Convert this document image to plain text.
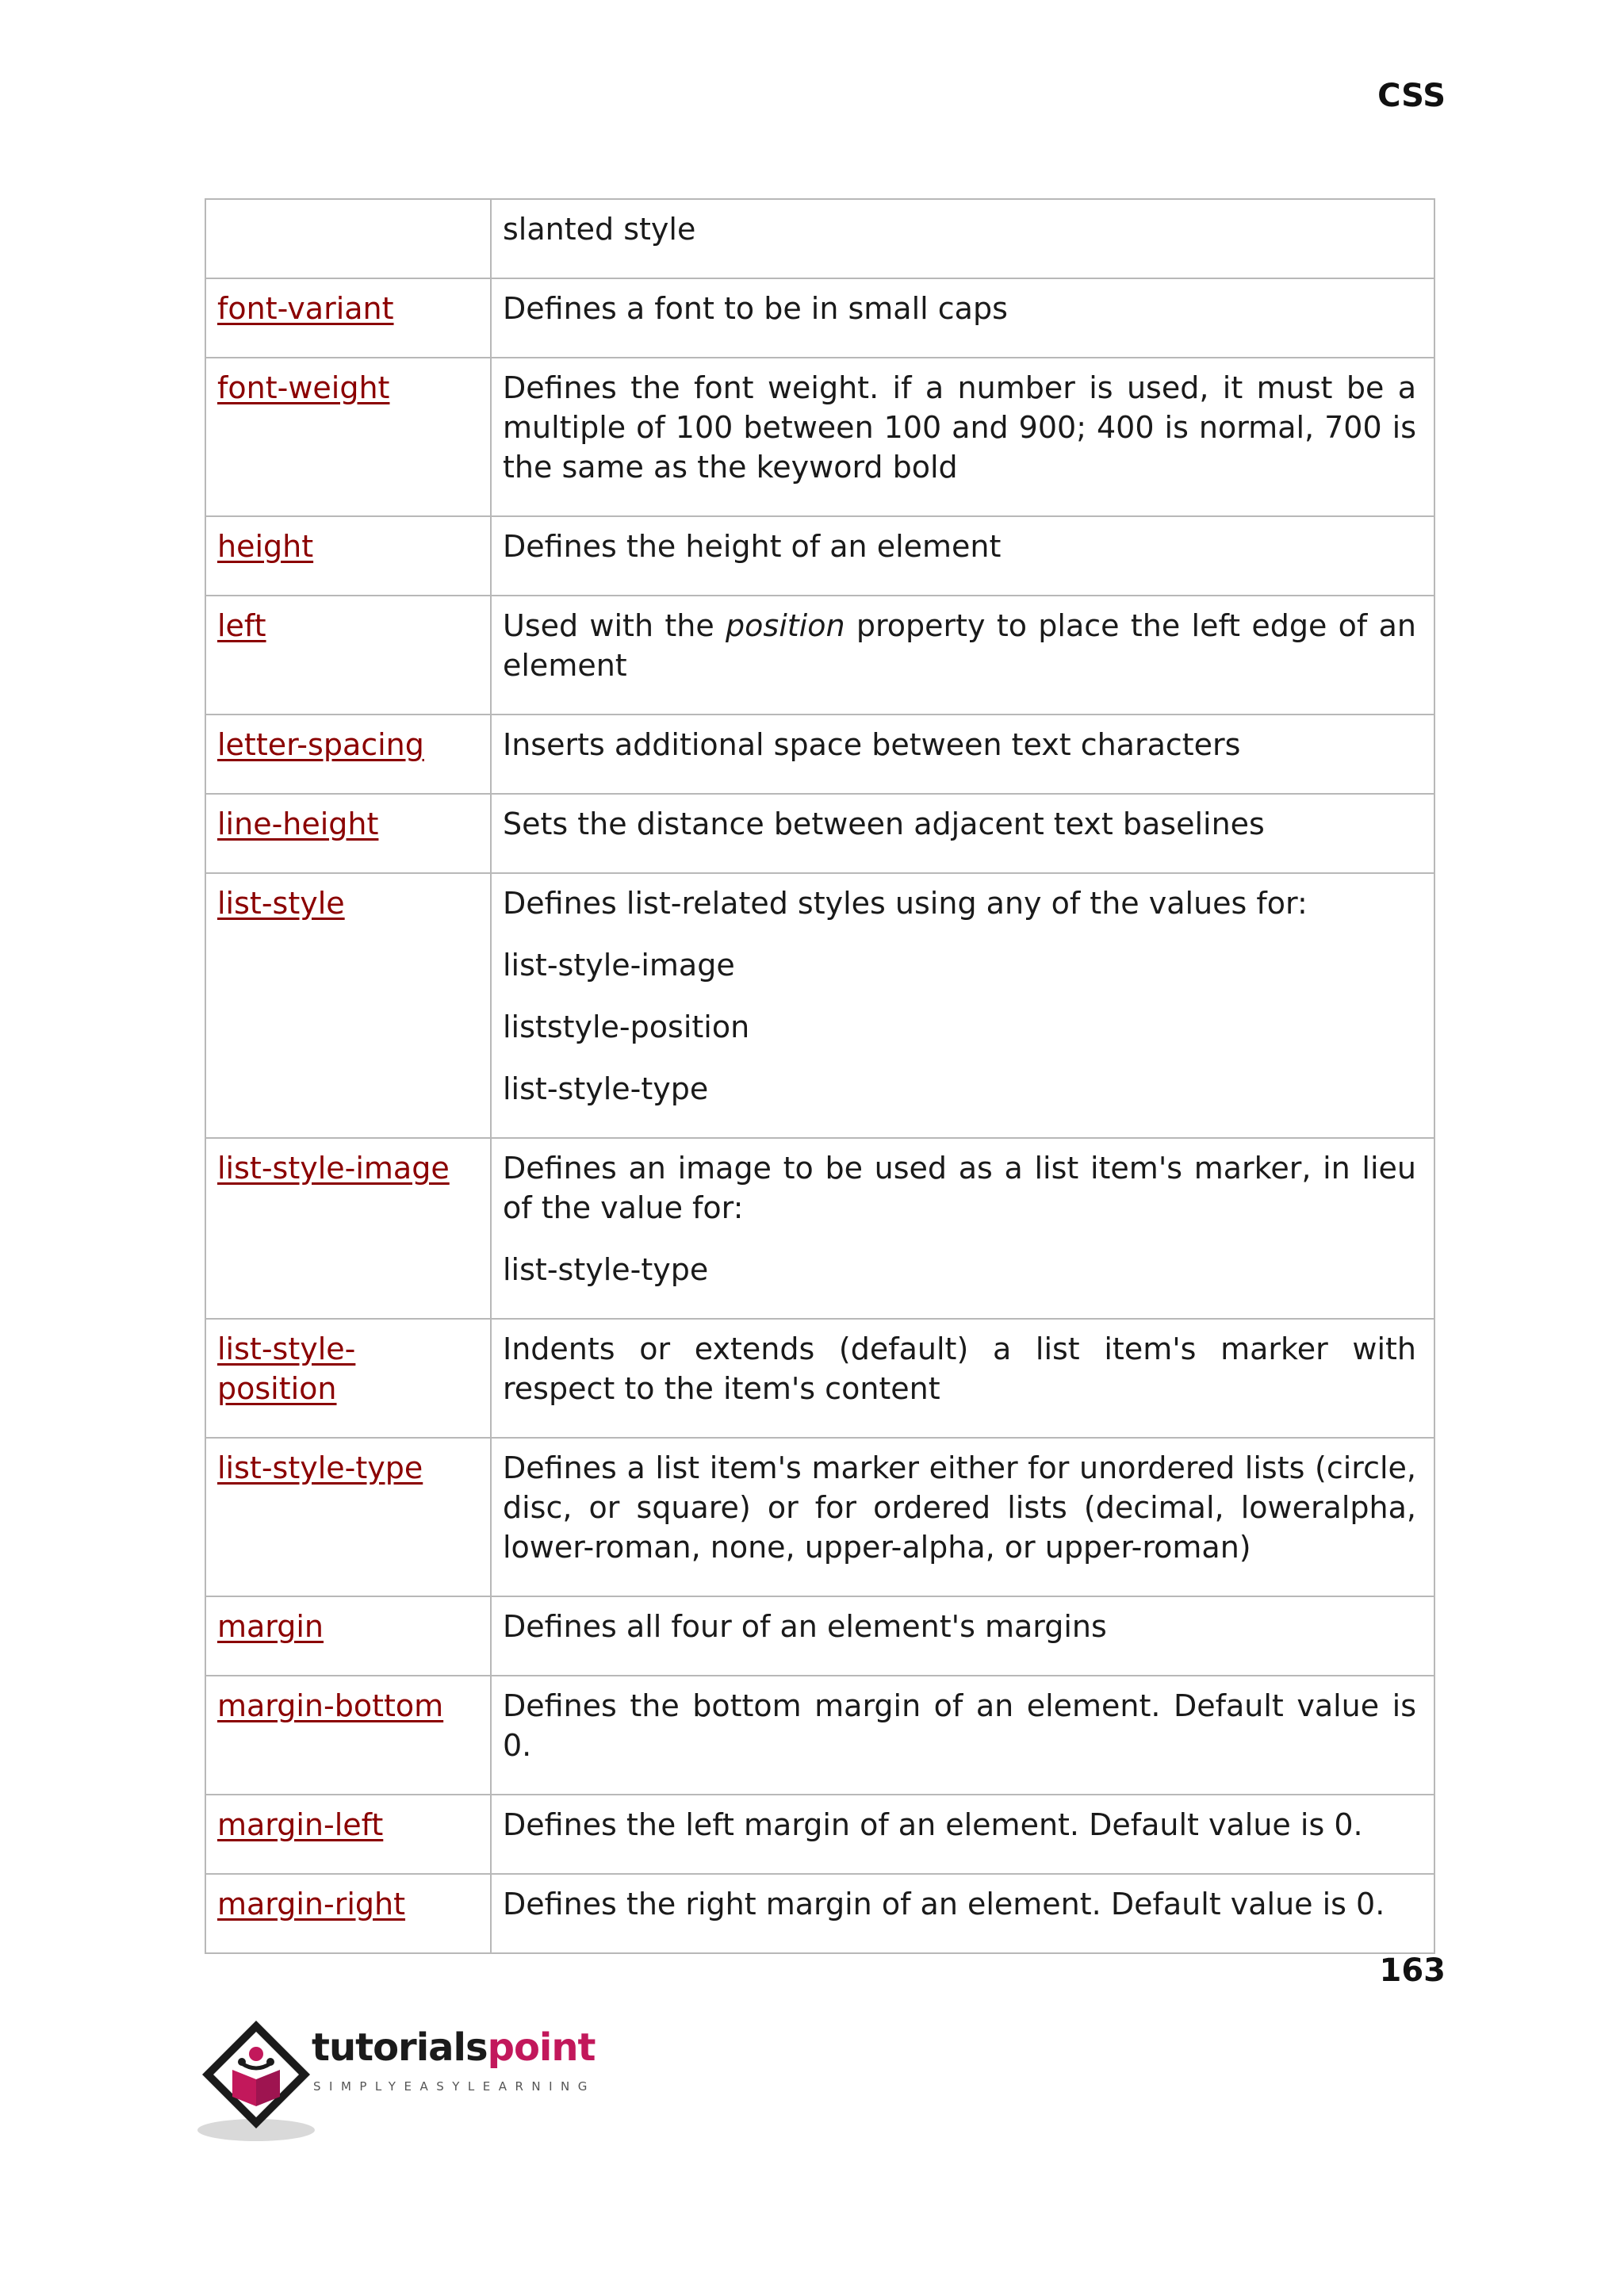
CSS
	slanted style
font-variant	Defines a font to be in small caps
font-weight	Defines the font weight. if a number is used, it must be a multiple of 100 between 100 and 900; 400 is normal, 700 is the same as the keyword bold
height	Defines the height of an element
left	Used with the position property to place the left edge of an element
letter-spacing	Inserts additional space between text characters
line-height	Sets the distance between adjacent text baselines
list-style	Defines list-related styles using any of the values for:
list-style-image
liststyle-position
list-style-type

list-style-image	Defines an image to be used as a list item's marker, in lieu of the value for:
list-style-type

list-style-
position	Indents or extends (default) a list item's marker with respect to the item's content
list-style-type	Defines a list item's marker either for unordered lists (circle, disc, or square) or for ordered lists (decimal, loweralpha, lower-roman, none, upper-alpha, or upper-roman)
margin	Defines all four of an element's margins
margin-bottom	Defines the bottom margin of an element. Default value is 0.
margin-left	Defines the left margin of an element. Default value is 0.
margin-right	Defines the right margin of an element. Default value is 0.
163
tutorialspoint
SIMPLYEASYLEARNING
